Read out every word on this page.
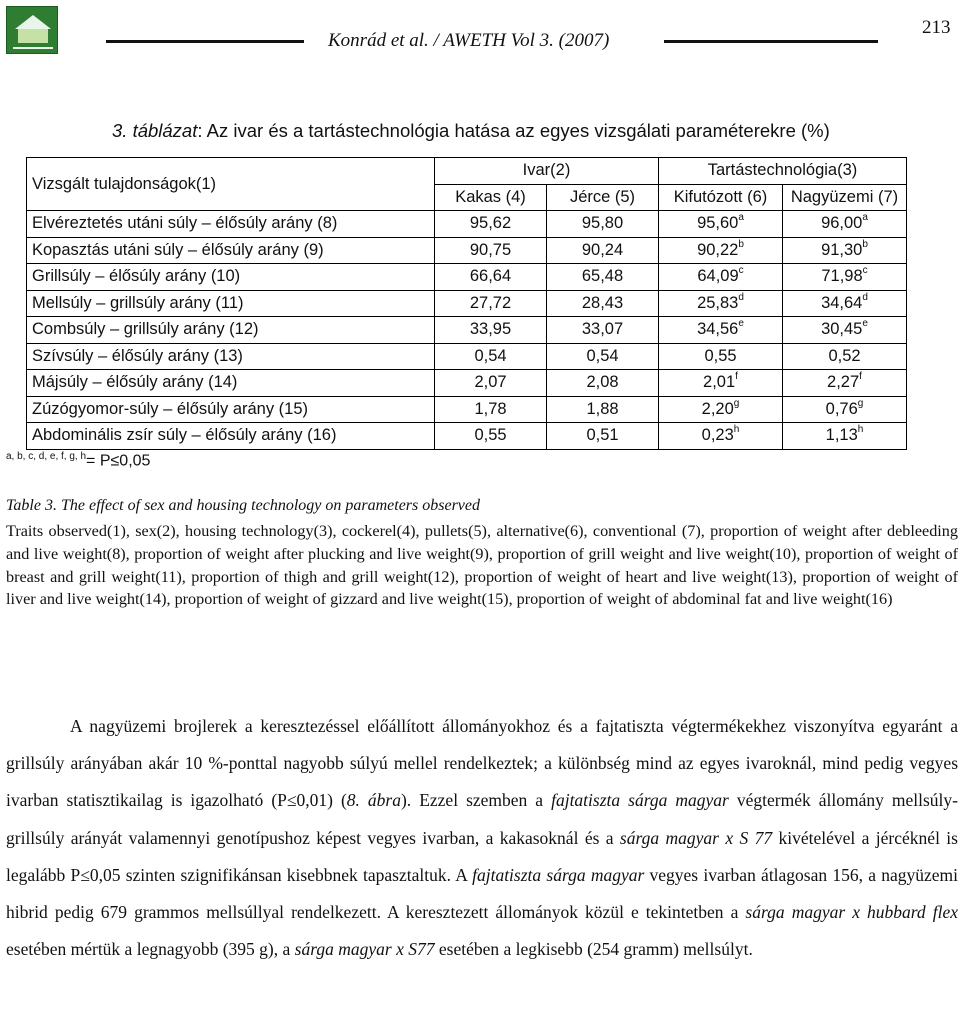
Konrád et al. / AWETH Vol 3. (2007)
213
3. táblázat: Az ivar és a tartástechnológia hatása az egyes vizsgálati paraméterekre (%)
Vizsgált tulajdonságok(1)	Ivar(2)		Tartástechnológia(3)	
	Kakas (4)	Jérce (5)	Kifutózott (6)	Nagyüzemi (7)
Elvéreztetés utáni súly – élősúly arány (8)	95,62	95,80	95,60$^a$	96,00$^a$
Kopasztás utáni súly – élősúly arány (9)	90,75	90,24	90,22$^b$	91,30$^b$
Grillsúly – élősúly arány (10)	66,64	65,48	64,09$^c$	71,98$^c$
Mellsúly – grillsúly arány (11)	27,72	28,43	25,83$^d$	34,64$^d$
Combsúly – grillsúly arány (12)	33,95	33,07	34,56e	30,45e
Szívsúly – élősúly arány (13)	0,54	0,54	0,55	0,52
Májsúly – élősúly arány (14)	2,07	2,08	2,01$^f$	2,27$^f$
Zúzógyomor-súly – élősúly arány (15)	1,78	1,88	2,20$^g$	0,76$^g$
Abdominális zsír súly – élősúly arány (16)	0,55	0,51	0,23$^h$	1,13$^h$
$^{a, b, c, d, e, f, g, h}$= P≤0,05
Table 3. The effect of sex and housing technology on parameters observed
Traits observed(1), sex(2), housing technology(3), cockerel(4), pullets(5), alternative(6), conventional (7), proportion of weight after debleeding and live weight(8), proportion of weight after plucking and live weight(9), proportion of grill weight and live weight(10), proportion of weight of breast and grill weight(11), proportion of thigh and grill weight(12), proportion of weight of heart and live weight(13), proportion of weight of liver and live weight(14), proportion of weight of gizzard and live weight(15), proportion of weight of abdominal fat and live weight(16)
A nagyüzemi brojlerek a keresztezéssel előállított állományokhoz és a fajtatiszta végtermékekhez viszonyítva egyaránt a grillsúly arányában akár 10 %-ponttal nagyobb súlyú mellel rendelkeztek; a különbség mind az egyes ivaroknál, mind pedig vegyes ivarban statisztikailag is igazolható (P≤0,01) (8. ábra). Ezzel szemben a fajtatiszta sárga magyar végtermék állomány mellsúly-grillsúly arányát valamennyi genotípushoz képest vegyes ivarban, a kakasoknál és a sárga magyar x S 77 kivételével a jércéknél is legalább P≤0,05 szinten szignifikánsan kisebbnek tapasztaltuk. A fajtatiszta sárga magyar vegyes ivarban átlagosan 156, a nagyüzemi hibrid pedig 679 grammos mellsúllyal rendelkezett. A keresztezett állományok közül e tekintetben a sárga magyar x hubbard flex esetében mértük a legnagyobb (395 g), a sárga magyar x S77 esetében a legkisebb (254 gramm) mellsúlyt.
